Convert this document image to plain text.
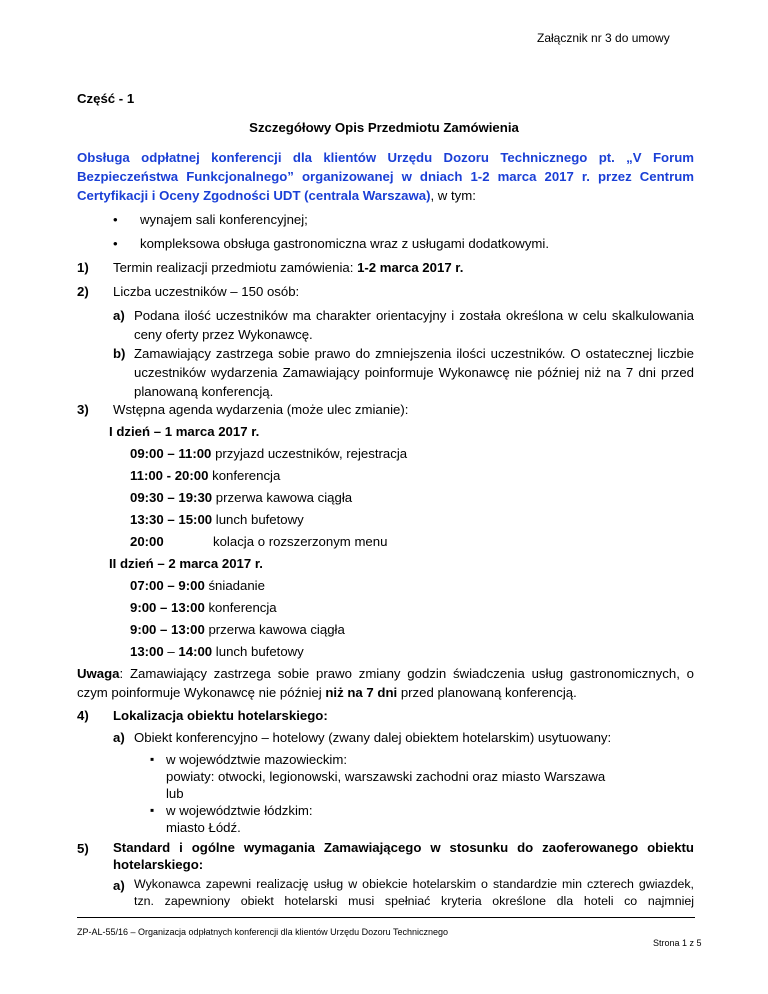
Załącznik nr 3 do umowy
Część - 1
Szczegółowy Opis Przedmiotu Zamówienia
Obsługa odpłatnej konferencji dla klientów Urzędu Dozoru Technicznego pt. „V Forum Bezpieczeństwa Funkcjonalnego” organizowanej w dniach 1-2 marca 2017 r. przez Centrum Certyfikacji i Oceny Zgodności UDT (centrala Warszawa), w tym:
• wynajem sali konferencyjnej;
• kompleksowa obsługa gastronomiczna wraz z usługami dodatkowymi.
1) Termin realizacji przedmiotu zamówienia: 1-2 marca 2017 r.
2) Liczba uczestników – 150 osób:
a) Podana ilość uczestników ma charakter orientacyjny i została określona w celu skalkulowania ceny oferty przez Wykonawcę.
b) Zamawiający zastrzega sobie prawo do zmniejszenia ilości uczestników. O ostatecznej liczbie uczestników wydarzenia Zamawiający poinformuje Wykonawcę nie później niż na 7 dni przed planowaną konferencją.
3) Wstępna agenda wydarzenia (może ulec zmianie):
I dzień – 1 marca 2017 r.
09:00 – 11:00 przyjazd uczestników, rejestracja
11:00 - 20:00 konferencja
09:30 – 19:30 przerwa kawowa ciągła
13:30 – 15:00 lunch bufetowy
20:00	kolacja o rozszerzonym menu
II dzień – 2 marca 2017 r.
07:00 – 9:00 śniadanie
9:00 – 13:00 konferencja
9:00 – 13:00 przerwa kawowa ciągła
13:00 – 14:00 lunch bufetowy
Uwaga: Zamawiający zastrzega sobie prawo zmiany godzin świadczenia usług gastronomicznych, o czym poinformuje Wykonawcę nie później niż na 7 dni przed planowaną konferencją.
4) Lokalizacja obiektu hotelarskiego:
a) Obiekt konferencyjno – hotelowy (zwany dalej obiektem hotelarskim) usytuowany:
▪ w województwie mazowieckim:
powiaty: otwocki, legionowski, warszawski zachodni oraz miasto Warszawa
lub
▪ w województwie łódzkim:
miasto Łódź.
5) Standard i ogólne wymagania Zamawiającego w stosunku do zaoferowanego obiektu hotelarskiego:
a) Wykonawca zapewni realizację usług w obiekcie hotelarskim o standardzie min czterech gwiazdek, tzn. zapewniony obiekt hotelarski musi spełniać kryteria określone dla hoteli co najmniej
ZP-AL-55/16 – Organizacja odpłatnych konferencji dla klientów Urzędu Dozoru Technicznego
Strona 1 z 5
